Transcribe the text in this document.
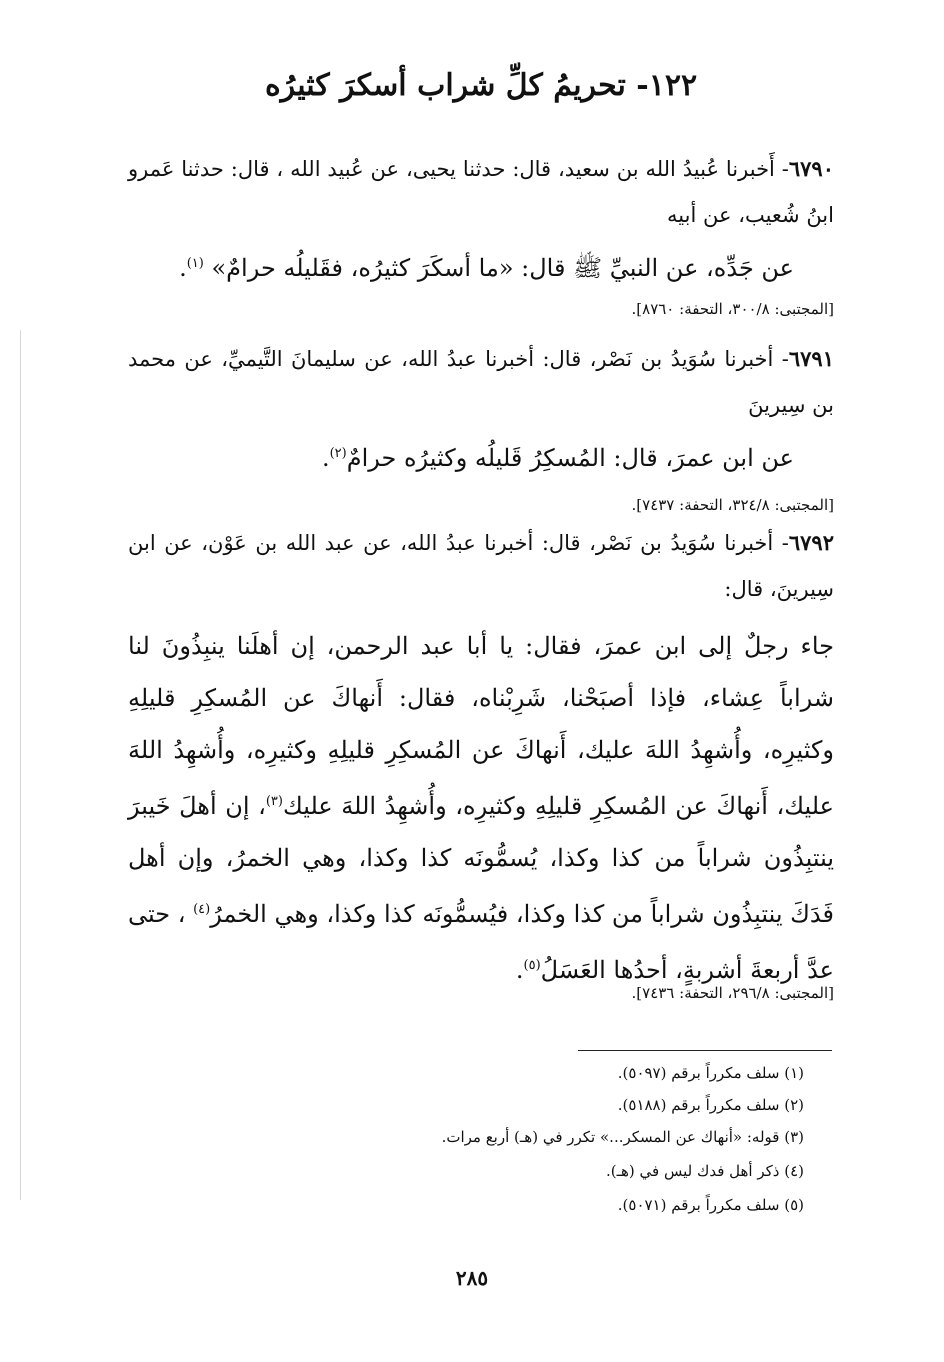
١٢٢- تحريمُ كلِّ شراب أسكرَ كثيرُه
٦٧٩٠- أَخبرنا عُبيدُ الله بن سعيد، قال: حدثنا يحيى، عن عُبيد الله ، قال: حدثنا عَمرو ابنُ شُعيب، عن أبيه
عن جَدِّه، عن النبيِّ ﷺ قال: «ما أسكَرَ كثيرُه، فقَليلُه حرامٌ» $^{(١)}$.
[المجتبى: ٣٠٠/٨، التحفة: ٨٧٦٠].
٦٧٩١- أخبرنا سُوَيدُ بن نَصْر، قال: أخبرنا عبدُ الله، عن سليمانَ التَّيميِّ، عن محمد بن سِيرينَ
عن ابن عمرَ، قال: المُسكِرُ قَليلُه وكثيرُه حرامٌ$^{(٢)}$.
[المجتبى: ٣٢٤/٨، التحفة: ٧٤٣٧].
٦٧٩٢- أخبرنا سُوَيدُ بن نَصْر، قال: أخبرنا عبدُ الله، عن عبد الله بن عَوْن، عن ابن سِيرينَ، قال:
جاء رجلٌ إلى ابن عمرَ، فقال: يا أبا عبد الرحمن، إن أهلَنا ينبِذُونَ لنا شراباً عِشاء، فإذا أصبَحْنا، شَرِبْناه، فقال: أَنهاكَ عن المُسكِرِ قليلِهِ وكثيرِه، وأُشهِدُ اللهَ عليك، أَنهاكَ عن المُسكِرِ قليلِهِ وكثيرِه، وأُشهِدُ اللهَ عليك، أَنهاكَ عن المُسكِرِ قليلِهِ وكثيرِه، وأُشهِدُ اللهَ عليك$^{(٣)}$، إن أهلَ خَيبرَ ينتبِذُون شراباً من كذا وكذا، يُسمُّونَه كذا وكذا، وهي الخمرُ، وإن أهل فَدَكَ ينتبِذُون شراباً من كذا وكذا، فيُسمُّونَه كذا وكذا، وهي الخمرُ$^{(٤)}$ ، حتى عدَّ أربعةَ أشربةٍ، أحدُها العَسَلُ$^{(٥)}$.
[المجتبى: ٢٩٦/٨، التحفة: ٧٤٣٦].
(١) سلف مكرراً برقم (٥٠٩٧).
(٢) سلف مكرراً برقم (٥١٨٨).
(٣) قوله: «أنهاك عن المسكر...» تكرر في (هـ) أربع مرات.
(٤) ذكر أهل فدك ليس في (هـ).
(٥) سلف مكرراً برقم (٥٠٧١).
٢٨٥
